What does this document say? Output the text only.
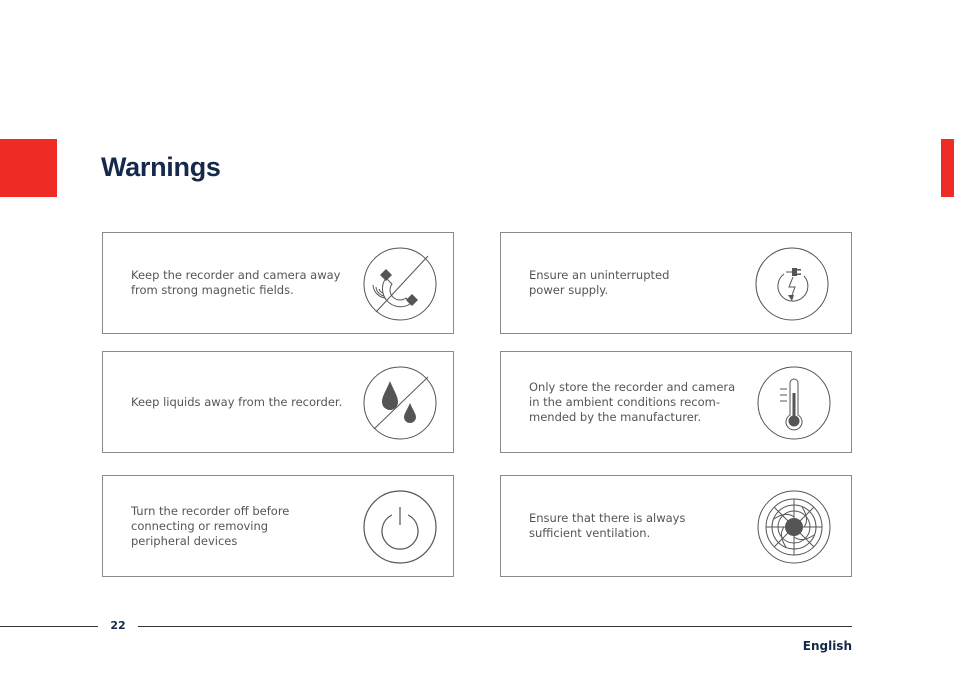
Warnings
Keep the recorder and camera away
from strong magnetic fields.
Ensure an uninterrupted
power supply.
Keep liquids away from the recorder.
Only store the recorder and camera
in the ambient conditions recom-
mended by the manufacturer.
Turn the recorder off before
connecting or removing
peripheral devices
Ensure that there is always
sufficient ventilation.
22
English
